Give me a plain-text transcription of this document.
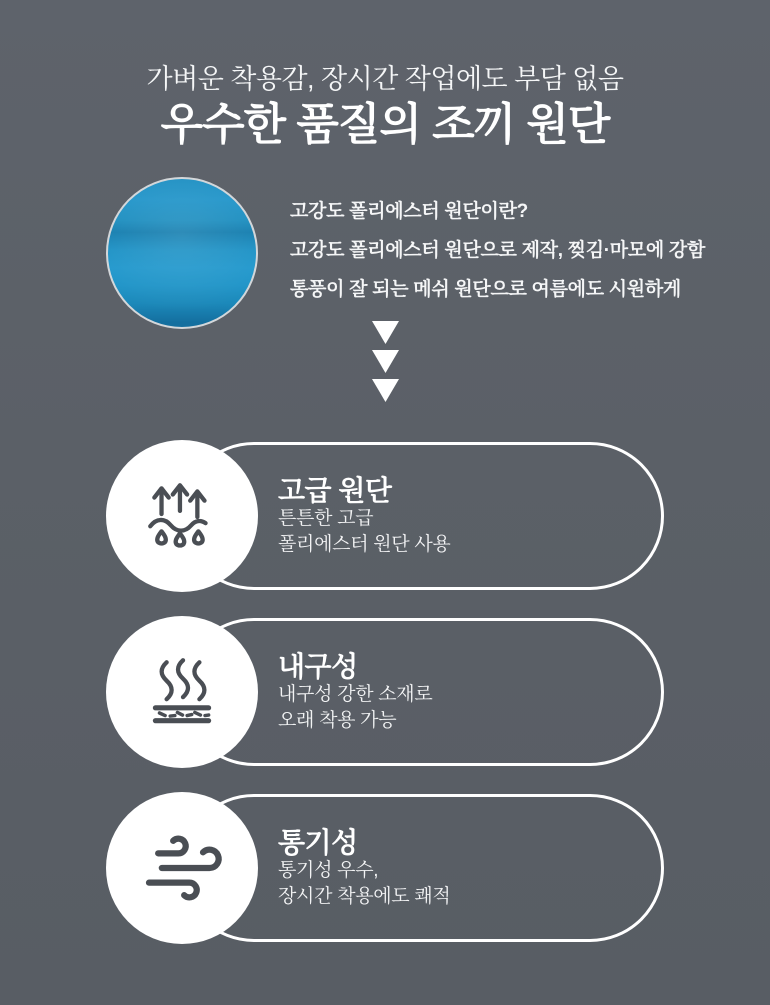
가벼운 착용감, 장시간 작업에도 부담 없음
우수한 품질의 조끼 원단
고강도 폴리에스터 원단이란?
고강도 폴리에스터 원단으로 제작, 찢김·마모에 강함
통풍이 잘 되는 메쉬 원단으로 여름에도 시원하게
고급 원단
튼튼한 고급
폴리에스터 원단 사용
내구성
내구성 강한 소재로
오래 착용 가능
통기성
통기성 우수,
장시간 착용에도 쾌적
